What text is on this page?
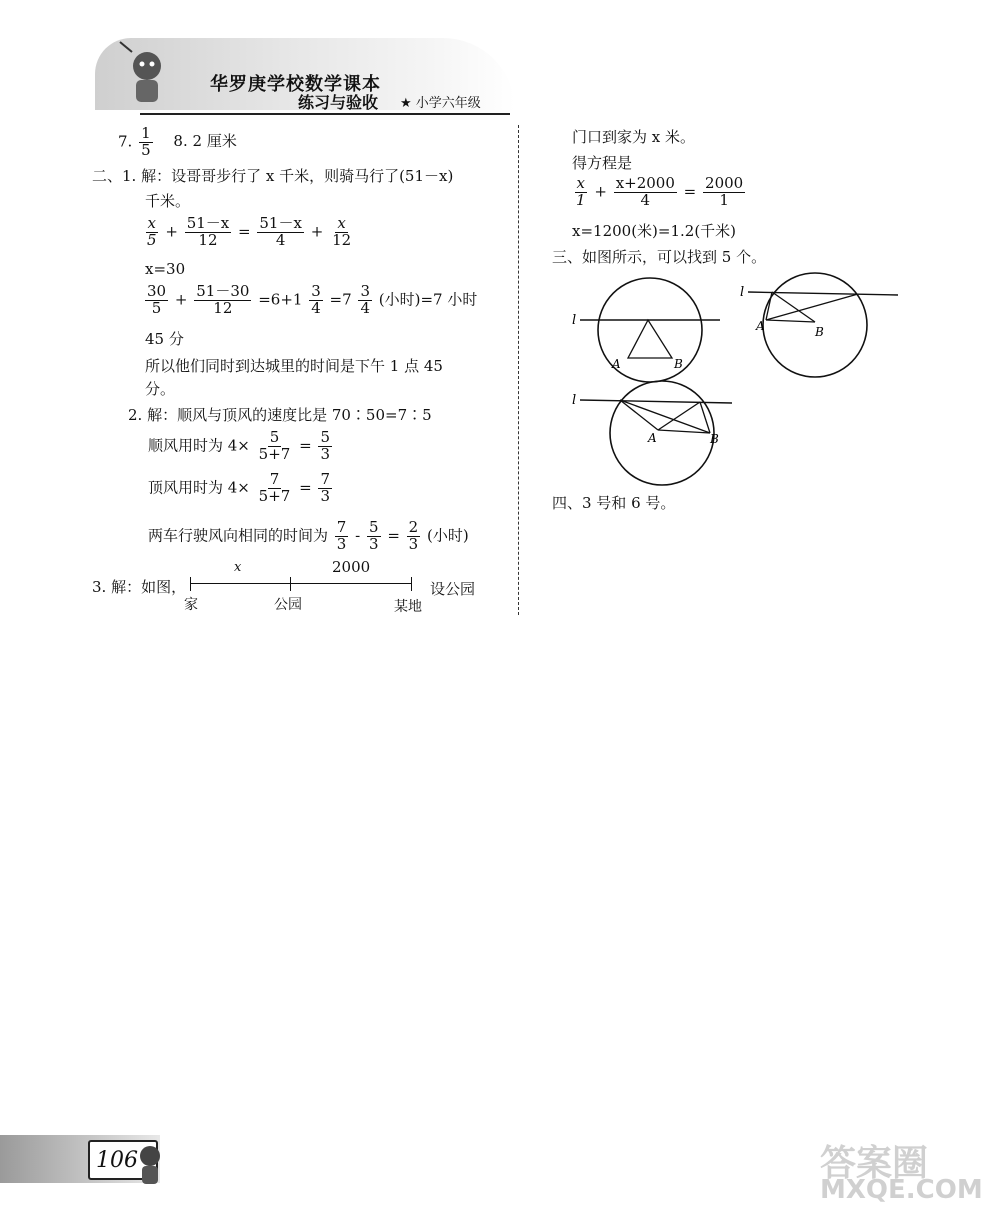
华罗庚学校数学课本
练习与验收 ★ 小学六年级
7. $\frac{1}{5} 8$. 2 厘米
二、1. 解：设哥哥步行了 x 千米，则骑马行了(51－x)
千米。
$\frac{x}{5} + \frac{51-x}{12} = \frac{51-x}{4} + \frac{x}{12}$
x=30
$\frac{30}{5} + \frac{51-30}{12} =6+1 \frac{3}{4} =7 \frac{3}{4}$ (小时)=7 小时
45 分
所以他们同时到达城里的时间是下午 1 点 45
分。
2. 解：顺风与顶风的速度比是 70∶50=7∶5
顺风用时为 $4\times \frac{5}{5+7} = \frac{5}{3}$
顶风用时为 $4\times \frac{7}{5+7} = \frac{7}{3}$
两车行驶风向相同的时间为 $\frac{7}{3} - \frac{5}{3} = \frac{2}{3}$ (小时)
3. 解：如图，
x	2000
家	公园	某地
设公园
门口到家为 x 米。
得方程是
$\frac{x}{1} + \frac{x+2000}{4} = \frac{2000}{1}$
x=1200(米)=1.2(千米)
三、如图所示，可以找到 5 个。
l
A	B
l
A	B
l
A	B
四、3 号和 6 号。
106	答案圈
MXQE.COM
